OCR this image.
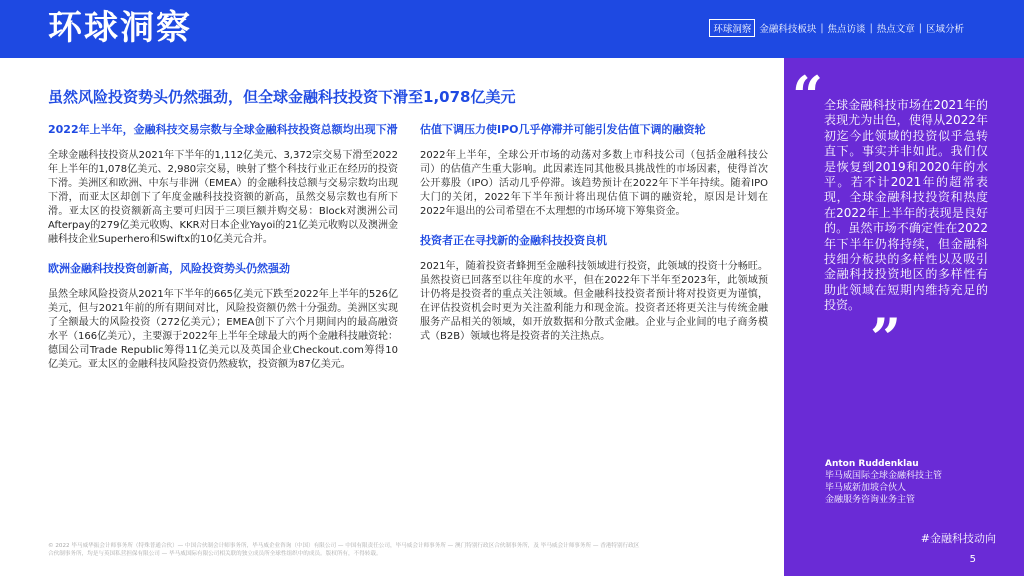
环球洞察	环球洞察 金融科技板块 | 焦点访谈 | 热点文章 | 区域分析
虽然风险投资势头仍然强劲，但全球金融科技投资下滑至1,078亿美元
2022年上半年，金融科技交易宗数与全球金融科技投资总额均出现下滑

全球金融科技投资从2021年下半年的1,112亿美元、3,372宗交易下滑至2022年上半年的1,078亿美元、2,980宗交易，映射了整个科技行业正在经历的投资下滑。美洲区和欧洲、中东与非洲（EMEA）的金融科技总额与交易宗数均出现下滑，而亚太区却创下了年度金融科技投资额的新高，虽然交易宗数也有所下滑。亚太区的投资额新高主要可归因于三项巨额并购交易：Block对澳洲公司Afterpay的279亿美元收购、KKR对日本企业Yayoi的21亿美元收购以及澳洲金融科技企业Superhero和Swiftx的10亿美元合并。

欧洲金融科技投资创新高，风险投资势头仍然强劲

虽然全球风险投资从2021年下半年的665亿美元下跌至2022年上半年的526亿美元，但与2021年前的所有期间对比，风险投资额仍然十分强劲。美洲区实现了全额最大的风险投资（272亿美元）；EMEA创下了六个月期间内的最高融资水平（166亿美元），主要源于2022年上半年全球最大的两个金融科技融资轮：德国公司Trade Republic筹得11亿美元以及英国企业Checkout.com筹得10亿美元。亚太区的金融科技风险投资仍然疲软，投资额为87亿美元。

估值下调压力使IPO几乎停滞并可能引发估值下调的融资轮

2022年上半年，全球公开市场的动荡对多数上市科技公司（包括金融科技公司）的估值产生重大影响。此因素连同其他极具挑战性的市场因素，使得首次公开募股（IPO）活动几乎停滞。该趋势预计在2022年下半年持续。随着IPO大门的关闭，2022年下半年预计将出现估值下调的融资轮，原因是计划在2022年退出的公司希望在不太理想的市场环境下筹集资金。

投资者正在寻找新的金融科技投资良机

2021年，随着投资者蜂拥至金融科技领域进行投资，此领域的投资十分畅旺。虽然投资已回落至以往年度的水平，但在2022年下半年至2023年，此领域预计仍将是投资者的重点关注领域。但金融科技投资者预计将对投资更为谨慎，在评估投资机会时更为关注盈利能力和现金流。投资者还将更关注与传统金融服务产品相关的领域，如开放数据和分散式金融。企业与企业间的电子商务模式（B2B）领域也将是投资者的关注热点。

“ 全球金融科技市场在2021年的表现尤为出色，使得从2022年初迄今此领域的投资似乎急转直下。事实并非如此。我们仅是恢复到2019和2020年的水平。若不计2021年的超常表现，全球金融科技投资和热度在2022年上半年的表现是良好的。虽然市场不确定性在2022年下半年仍将持续，但金融科技细分板块的多样性以及吸引金融科技投资地区的多样性有助此领域在短期内维持充足的投资。
”
Anton Ruddenklau
毕马威国际全球金融科技主管
毕马威新加坡合伙人
金融服务咨询业务主管
#金融科技动向
5
© 2022 毕马威华振会计师事务所（特殊普通合伙）— 中国合伙制会计师事务所，毕马威企业咨询（中国）有限公司 — 中国有限责任公司，毕马威会计师事务所 — 澳门特别行政区合伙制事务所，及 毕马威会计师事务所 — 香港特别行政区
合伙制事务所，均是与英国私营担保有限公司 — 毕马威国际有限公司相关联的独立成员所全球性组织中的成员。版权所有，不得转载。
